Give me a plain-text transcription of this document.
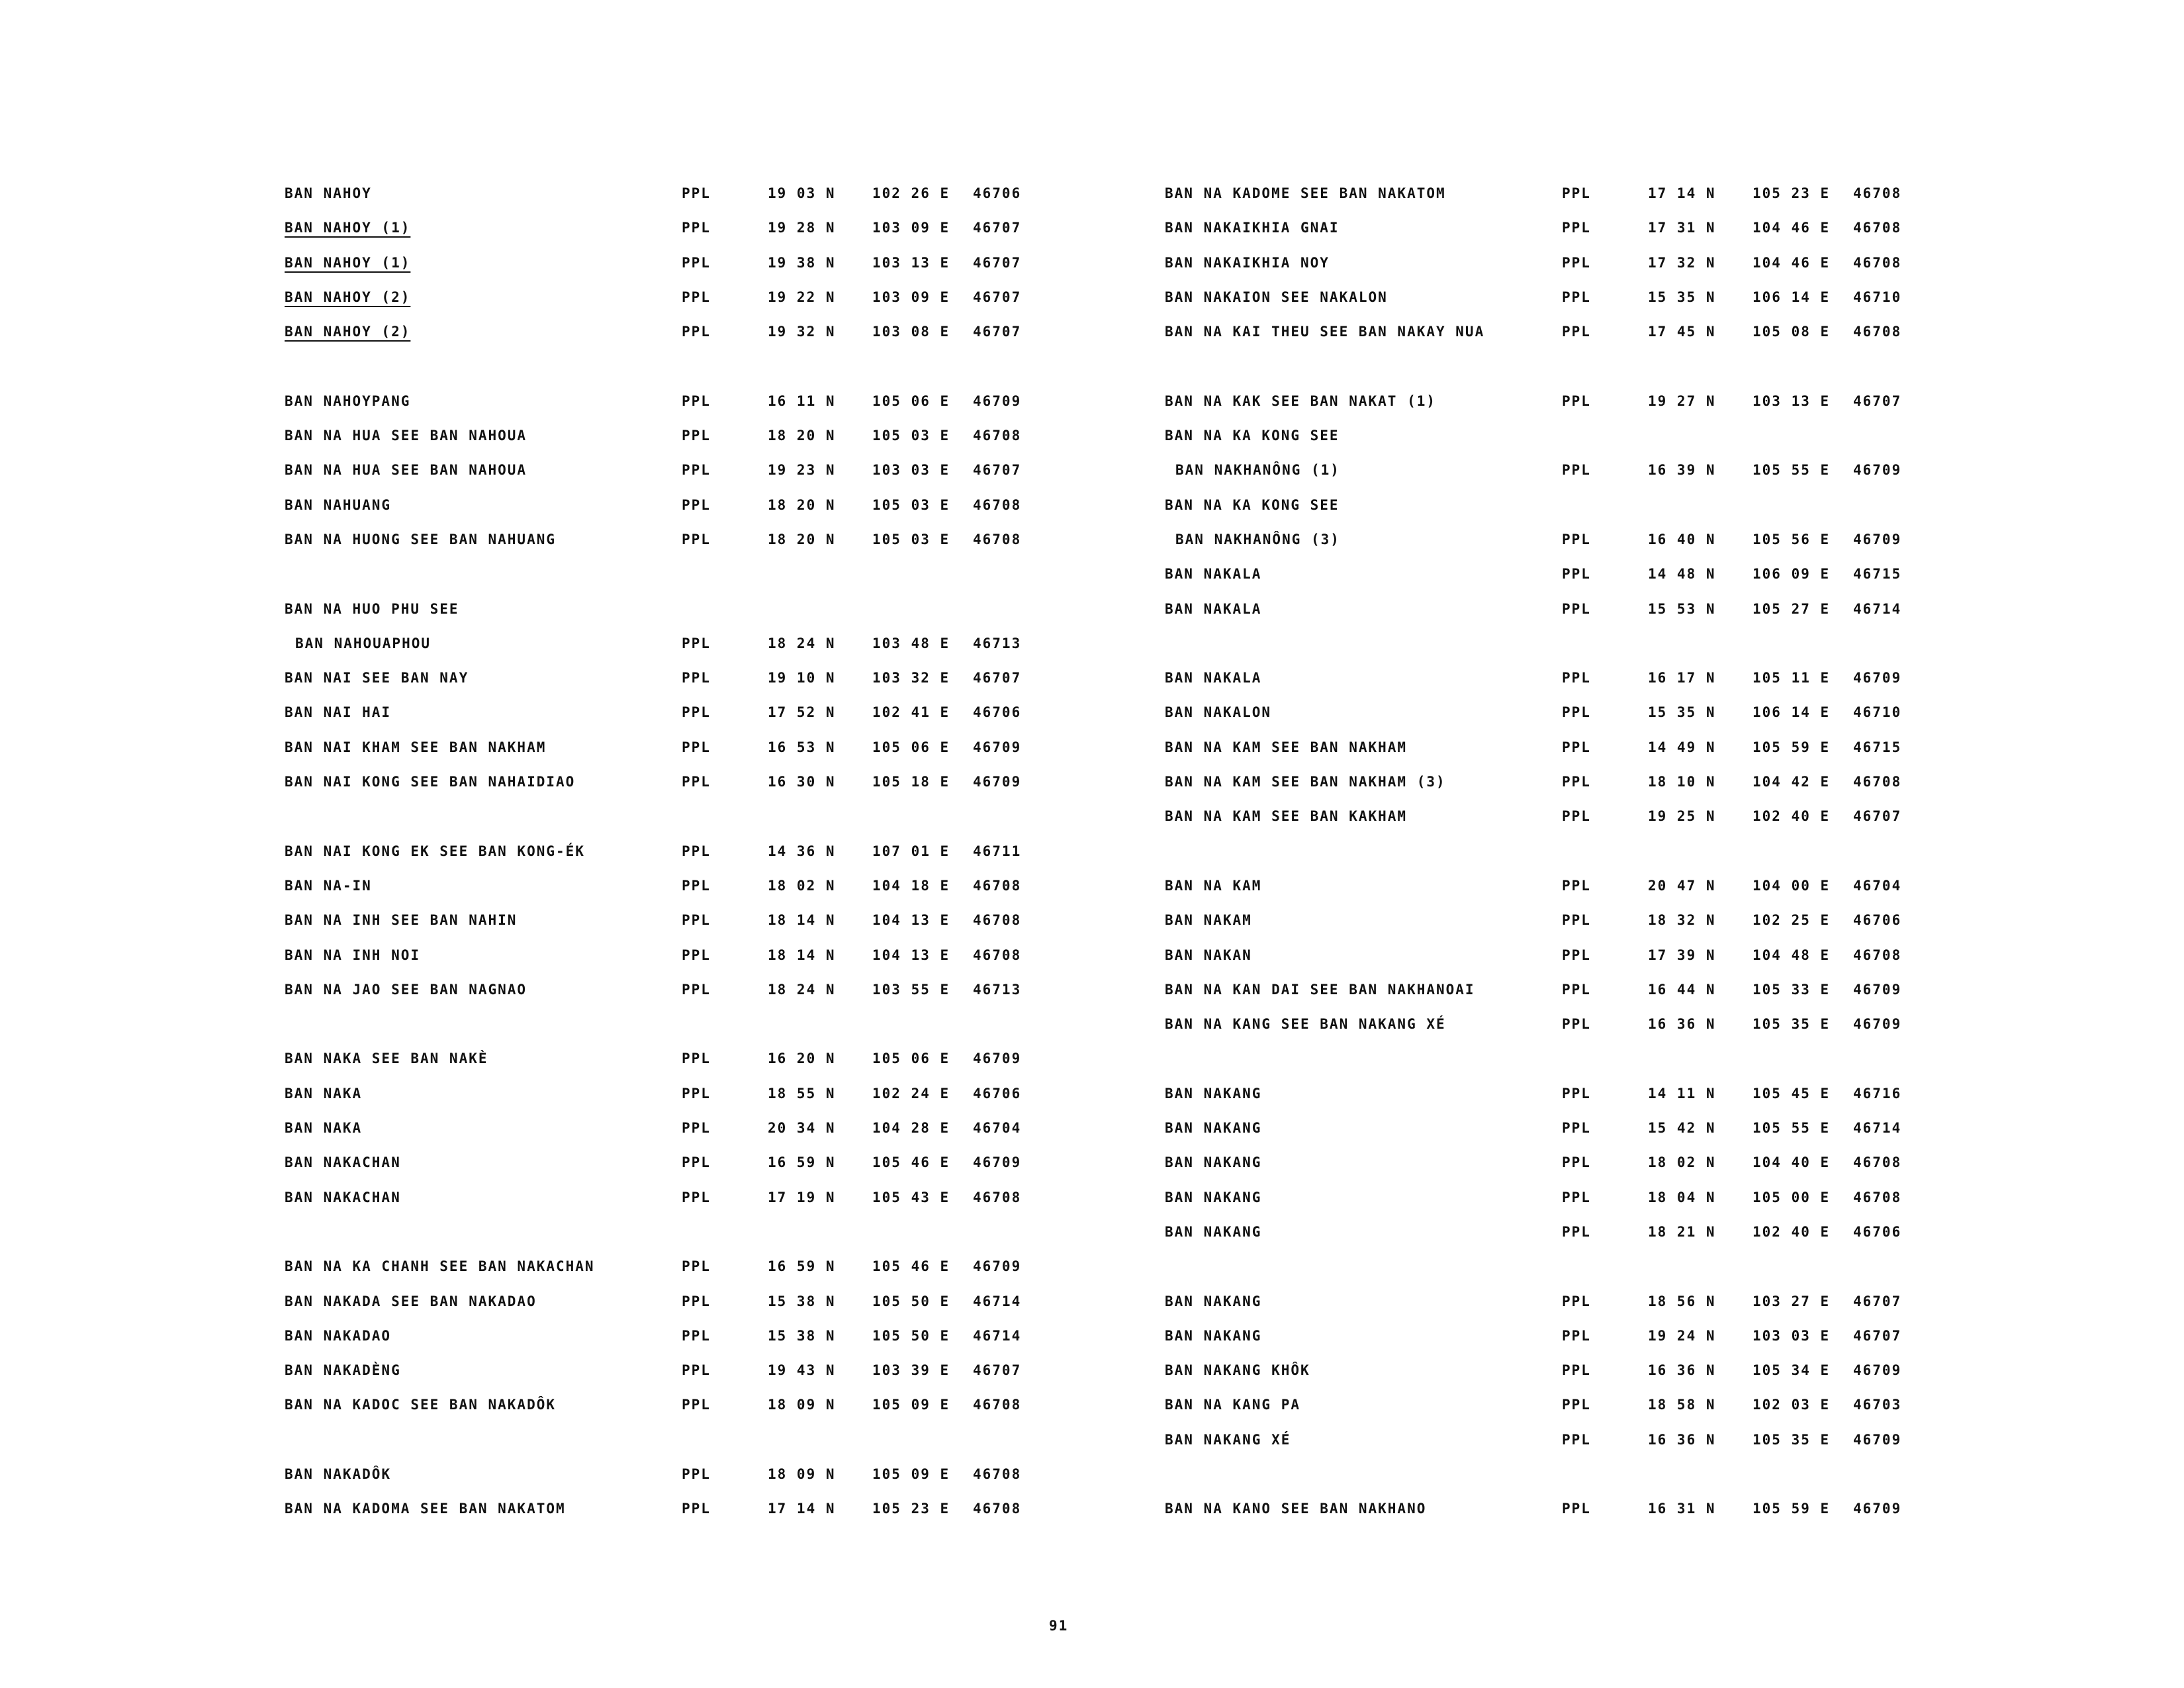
BAN NAHOY	PPL	19 03 N	102 26 E 46706
BAN NAHOY (1)	PPL	19 28 N	103 09 E 46707
BAN NAHOY (1)	PPL	19 38 N	103 13 E 46707
BAN NAHOY (2)	PPL	19 22 N	103 09 E 46707
BAN NAHOY (2)	PPL	19 32 N	103 08 E 46707
BAN NAHOYPANG	PPL	16 11 N	105 06 E 46709
BAN NA HUA SEE BAN NAHOUA	PPL	18 20 N	105 03 E 46708
BAN NA HUA SEE BAN NAHOUA	PPL	19 23 N	103 03 E 46707
BAN NAHUANG	PPL	18 20 N	105 03 E 46708
BAN NA HUONG SEE BAN NAHUANG	PPL	18 20 N	105 03 E 46708
BAN NA HUO PHU SEE
BAN NAHOUAPHOU	PPL	18 24 N	103 48 E 46713
BAN NAI SEE BAN NAY	PPL	19 10 N	103 32 E 46707
BAN NAI HAI	PPL	17 52 N	102 41 E 46706
BAN NAI KHAM SEE BAN NAKHAM	PPL	16 53 N	105 06 E 46709
BAN NAI KONG SEE BAN NAHAIDIAO	PPL	16 30 N	105 18 E 46709
BAN NAI KONG EK SEE BAN KONG-ÉK	PPL	14 36 N	107 01 E 46711
BAN NA-IN	PPL	18 02 N	104 18 E 46708
BAN NA INH SEE BAN NAHIN	PPL	18 14 N	104 13 E 46708
BAN NA INH NOI	PPL	18 14 N	104 13 E 46708
BAN NA JAO SEE BAN NAGNAO	PPL	18 24 N	103 55 E 46713
BAN NAKA SEE BAN NAKÈ	PPL	16 20 N	105 06 E 46709
BAN NAKA	PPL	18 55 N	102 24 E 46706
BAN NAKA	PPL	20 34 N	104 28 E 46704
BAN NAKACHAN	PPL	16 59 N	105 46 E 46709
BAN NAKACHAN	PPL	17 19 N	105 43 E 46708
BAN NA KA CHANH SEE BAN NAKACHAN	PPL	16 59 N	105 46 E 46709
BAN NAKADA SEE BAN NAKADAO	PPL	15 38 N	105 50 E 46714
BAN NAKADAO	PPL	15 38 N	105 50 E 46714
BAN NAKADÈNG	PPL	19 43 N	103 39 E 46707
BAN NA KADOC SEE BAN NAKADÔK	PPL	18 09 N	105 09 E 46708
BAN NAKADÔK	PPL	18 09 N	105 09 E 46708
BAN NA KADOMA SEE BAN NAKATOM	PPL	17 14 N	105 23 E 46708
BAN NA KADOME SEE BAN NAKATOM	PPL	17 14 N	105 23 E 46708
BAN NAKAIKHIA GNAI	PPL	17 31 N	104 46 E 46708
BAN NAKAIKHIA NOY	PPL	17 32 N	104 46 E 46708
BAN NAKAION SEE NAKALON	PPL	15 35 N	106 14 E 46710
BAN NA KAI THEU SEE BAN NAKAY NUA	PPL	17 45 N	105 08 E 46708
BAN NA KAK SEE BAN NAKAT (1)	PPL	19 27 N	103 13 E 46707
BAN NA KA KONG SEE
BAN NAKHANÔNG (1)	PPL	16 39 N	105 55 E 46709
BAN NA KA KONG SEE
BAN NAKHANÔNG (3)	PPL	16 40 N	105 56 E 46709
BAN NAKALA	PPL	14 48 N	106 09 E 46715
BAN NAKALA	PPL	15 53 N	105 27 E 46714
BAN NAKALA	PPL	16 17 N	105 11 E 46709
BAN NAKALON	PPL	15 35 N	106 14 E 46710
BAN NA KAM SEE BAN NAKHAM	PPL	14 49 N	105 59 E 46715
BAN NA KAM SEE BAN NAKHAM (3)	PPL	18 10 N	104 42 E 46708
BAN NA KAM SEE BAN KAKHAM	PPL	19 25 N	102 40 E 46707
BAN NA KAM	PPL	20 47 N	104 00 E 46704
BAN NAKAM	PPL	18 32 N	102 25 E 46706
BAN NAKAN	PPL	17 39 N	104 48 E 46708
BAN NA KAN DAI SEE BAN NAKHANOAI	PPL	16 44 N	105 33 E 46709
BAN NA KANG SEE BAN NAKANG XÉ	PPL	16 36 N	105 35 E 46709
BAN NAKANG	PPL	14 11 N	105 45 E 46716
BAN NAKANG	PPL	15 42 N	105 55 E 46714
BAN NAKANG	PPL	18 02 N	104 40 E 46708
BAN NAKANG	PPL	18 04 N	105 00 E 46708
BAN NAKANG	PPL	18 21 N	102 40 E 46706
BAN NAKANG	PPL	18 56 N	103 27 E 46707
BAN NAKANG	PPL	19 24 N	103 03 E 46707
BAN NAKANG KHÔK	PPL	16 36 N	105 34 E 46709
BAN NA KANG PA	PPL	18 58 N	102 03 E 46703
BAN NAKANG XÉ	PPL	16 36 N	105 35 E 46709
BAN NA KANO SEE BAN NAKHANO	PPL	16 31 N	105 59 E 46709
91
